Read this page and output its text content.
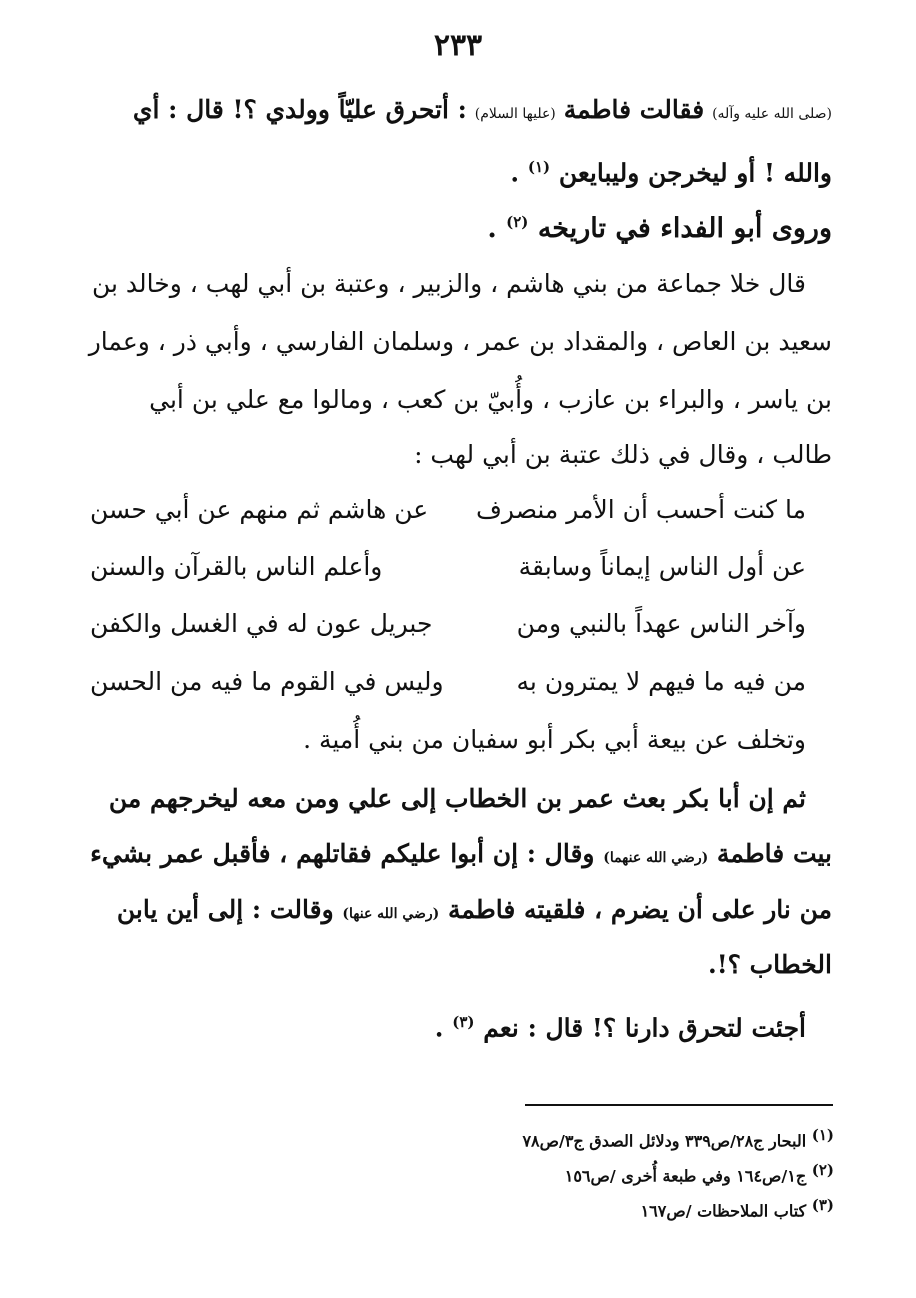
٢٣٣
(صلى الله عليه وآله) فقالت فاطمة (عليها السلام) : أتحرق عليّاً وولدي ؟! قال : أي
والله ! أو ليخرجن وليبايعن $^{(١)}$ .
وروى أبو الفداء في تاريخه $^{(٢)}$ .
قال خلا جماعة من بني هاشم ، والزبير ، وعتبة بن أبي لهب ، وخالد بن
سعيد بن العاص ، والمقداد بن عمر ، وسلمان الفارسي ، وأبي ذر ، وعمار
بن ياسر ، والبراء بن عازب ، وأُبيّ بن كعب ، ومالوا مع علي بن أبي
طالب ، وقال في ذلك عتبة بن أبي لهب :
ما كنت أحسب أن الأمر منصرف
عن هاشم ثم منهم عن أبي حسن
عن أول الناس إيماناً وسابقة
وأعلم الناس بالقرآن والسنن
وآخر الناس عهداً بالنبي ومن
جبريل عون له في الغسل والكفن
من فيه ما فيهم لا يمترون به
وليس في القوم ما فيه من الحسن
وتخلف عن بيعة أبي بكر أبو سفيان من بني أُمية .
ثم إن أبا بكر بعث عمر بن الخطاب إلى علي ومن معه ليخرجهم من
بيت فاطمة (رضي الله عنهما) وقال : إن أبوا عليكم فقاتلهم ، فأقبل عمر بشيء
من نار على أن يضرم ، فلقيته فاطمة (رضي الله عنها) وقالت : إلى أين يابن
الخطاب ؟!.
أجئت لتحرق دارنا ؟! قال : نعم $^{(٣)}$ .
$^{(١)}$ البحار ج٢٨/ص٣٣٩ ودلائل الصدق ج٣/ص٧٨
$^{(٢)}$ ج١/ص١٦٤ وفي طبعة أُخرى /ص١٥٦
$^{(٣)}$ كتاب الملاحظات /ص١٦٧
